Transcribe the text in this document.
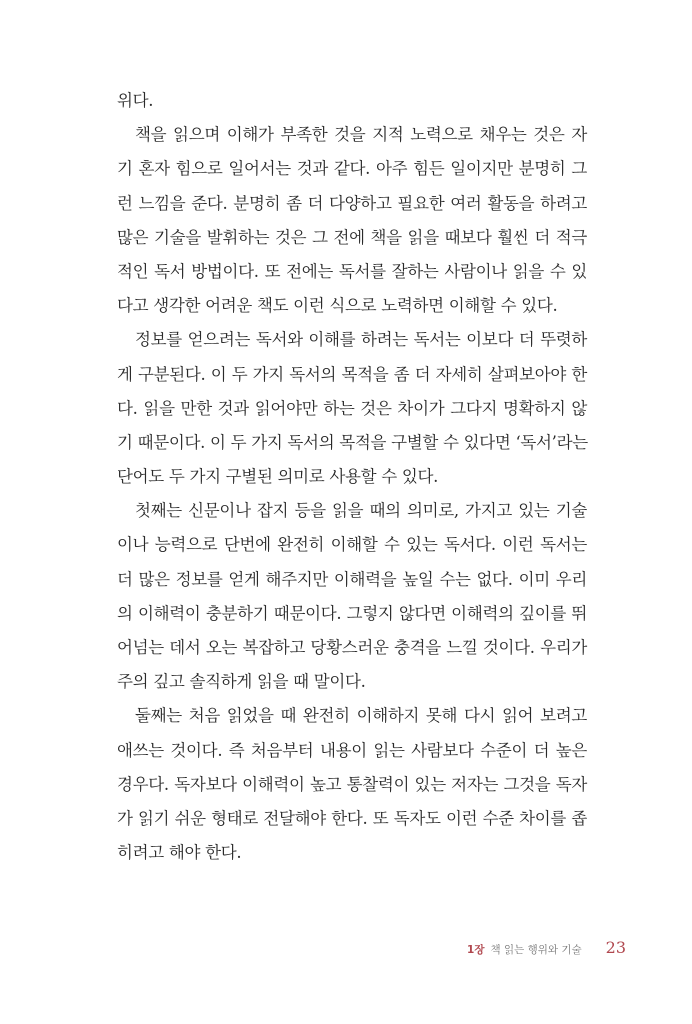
위다.
책을 읽으며 이해가 부족한 것을 지적 노력으로 채우는 것은 자
기 혼자 힘으로 일어서는 것과 같다. 아주 힘든 일이지만 분명히 그
런 느낌을 준다. 분명히 좀 더 다양하고 필요한 여러 활동을 하려고
많은 기술을 발휘하는 것은 그 전에 책을 읽을 때보다 훨씬 더 적극
적인 독서 방법이다. 또 전에는 독서를 잘하는 사람이나 읽을 수 있
다고 생각한 어려운 책도 이런 식으로 노력하면 이해할 수 있다.
정보를 얻으려는 독서와 이해를 하려는 독서는 이보다 더 뚜렷하
게 구분된다. 이 두 가지 독서의 목적을 좀 더 자세히 살펴보아야 한
다. 읽을 만한 것과 읽어야만 하는 것은 차이가 그다지 명확하지 않
기 때문이다. 이 두 가지 독서의 목적을 구별할 수 있다면 ‘독서’라는
단어도 두 가지 구별된 의미로 사용할 수 있다.
첫째는 신문이나 잡지 등을 읽을 때의 의미로, 가지고 있는 기술
이나 능력으로 단번에 완전히 이해할 수 있는 독서다. 이런 독서는
더 많은 정보를 얻게 해주지만 이해력을 높일 수는 없다. 이미 우리
의 이해력이 충분하기 때문이다. 그렇지 않다면 이해력의 깊이를 뛰
어넘는 데서 오는 복잡하고 당황스러운 충격을 느낄 것이다. 우리가
주의 깊고 솔직하게 읽을 때 말이다.
둘째는 처음 읽었을 때 완전히 이해하지 못해 다시 읽어 보려고
애쓰는 것이다. 즉 처음부터 내용이 읽는 사람보다 수준이 더 높은
경우다. 독자보다 이해력이 높고 통찰력이 있는 저자는 그것을 독자
가 읽기 쉬운 형태로 전달해야 한다. 또 독자도 이런 수준 차이를 좁
히려고 해야 한다.
1장 책 읽는 행위와 기술 23
